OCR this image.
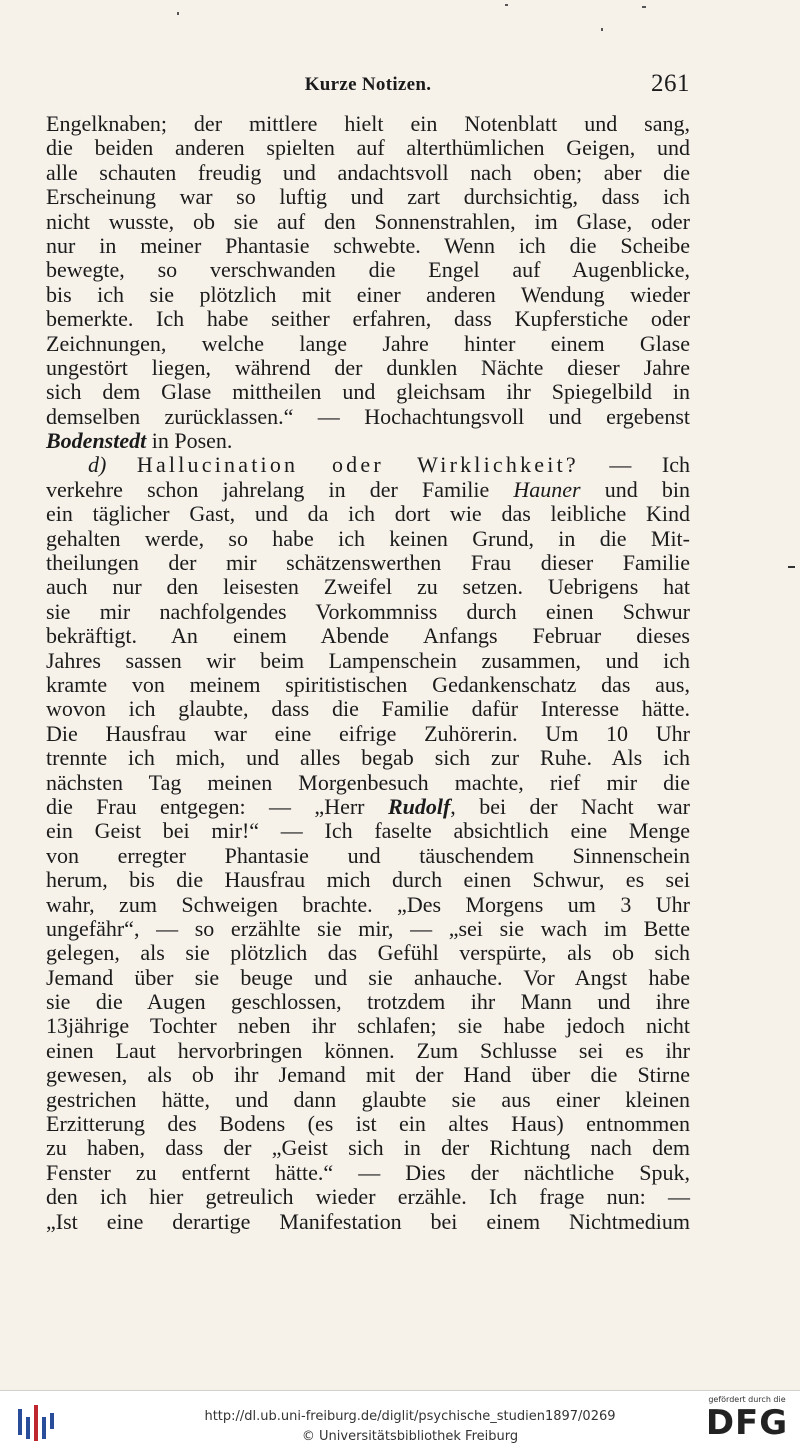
Kurze Notizen.	261
Engelknaben; der mittlere hielt ein Notenblatt und sang,
die beiden anderen spielten auf alterthümlichen Geigen, und
alle schauten freudig und andachtsvoll nach oben; aber die
Erscheinung war so luftig und zart durchsichtig, dass ich
nicht wusste, ob sie auf den Sonnenstrahlen, im Glase, oder
nur in meiner Phantasie schwebte. Wenn ich die Scheibe
bewegte, so verschwanden die Engel auf Augenblicke,
bis ich sie plötzlich mit einer anderen Wendung wieder
bemerkte. Ich habe seither erfahren, dass Kupferstiche oder
Zeichnungen, welche lange Jahre hinter einem Glase
ungestört liegen, während der dunklen Nächte dieser Jahre
sich dem Glase mittheilen und gleichsam ihr Spiegelbild in
demselben zurücklassen.“ — Hochachtungsvoll und ergebenst
Bodenstedt in Posen.
d) Hallucination oder Wirklichkeit? — Ich
verkehre schon jahrelang in der Familie Hauner und bin
ein täglicher Gast, und da ich dort wie das leibliche Kind
gehalten werde, so habe ich keinen Grund, in die Mit-
theilungen der mir schätzenswerthen Frau dieser Familie
auch nur den leisesten Zweifel zu setzen. Uebrigens hat
sie mir nachfolgendes Vorkommniss durch einen Schwur
bekräftigt. An einem Abende Anfangs Februar dieses
Jahres sassen wir beim Lampenschein zusammen, und ich
kramte von meinem spiritistischen Gedankenschatz das aus,
wovon ich glaubte, dass die Familie dafür Interesse hätte.
Die Hausfrau war eine eifrige Zuhörerin. Um 10 Uhr
trennte ich mich, und alles begab sich zur Ruhe. Als ich
nächsten Tag meinen Morgenbesuch machte, rief mir die
die Frau entgegen: — „Herr Rudolf, bei der Nacht war
ein Geist bei mir!“ — Ich faselte absichtlich eine Menge
von erregter Phantasie und täuschendem Sinnenschein
herum, bis die Hausfrau mich durch einen Schwur, es sei
wahr, zum Schweigen brachte. „Des Morgens um 3 Uhr
ungefähr“, — so erzählte sie mir, — „sei sie wach im Bette
gelegen, als sie plötzlich das Gefühl verspürte, als ob sich
Jemand über sie beuge und sie anhauche. Vor Angst habe
sie die Augen geschlossen, trotzdem ihr Mann und ihre
13jährige Tochter neben ihr schlafen; sie habe jedoch nicht
einen Laut hervorbringen können. Zum Schlusse sei es ihr
gewesen, als ob ihr Jemand mit der Hand über die Stirne
gestrichen hätte, und dann glaubte sie aus einer kleinen
Erzitterung des Bodens (es ist ein altes Haus) entnommen
zu haben, dass der „Geist sich in der Richtung nach dem
Fenster zu entfernt hätte.“ — Dies der nächtliche Spuk,
den ich hier getreulich wieder erzähle. Ich frage nun: —
„Ist eine derartige Manifestation bei einem Nichtmedium
http://dl.ub.uni-freiburg.de/diglit/psychische_studien1897/0269
© Universitätsbibliothek Freiburg
gefördert durch die
DFG
